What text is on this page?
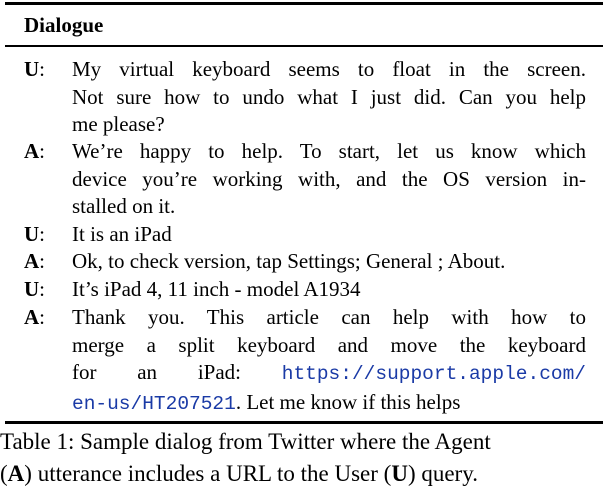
Dialogue
U: My virtual keyboard seems to float in the screen.
Not sure how to undo what I just did. Can you help
me please?
A: We’re happy to help. To start, let us know which
device you’re working with, and the OS version in-
stalled on it.
U: It is an iPad
A: Ok, to check version, tap Settings; General ; About.
U: It’s iPad 4, 11 inch - model A1934
A: Thank you. This article can help with how to
merge a split keyboard and move the keyboard
for an iPad: https://support.apple.com/
en-us/HT207521. Let me know if this helps
Table 1: Sample dialog from Twitter where the Agent
(A) utterance includes a URL to the User (U) query.
